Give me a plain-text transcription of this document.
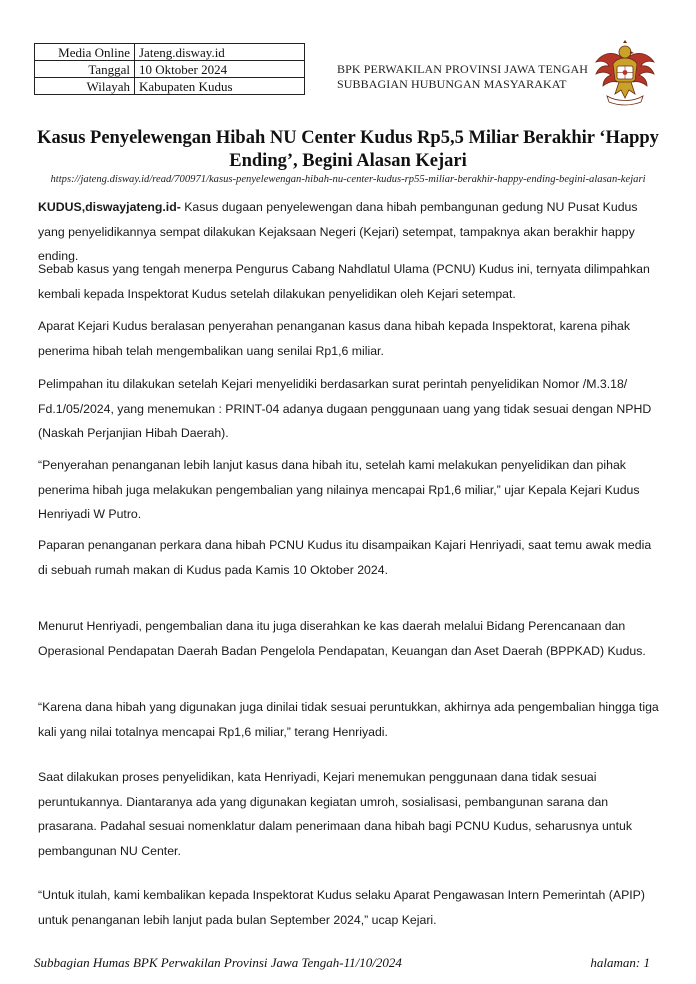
Media Online	Jateng.disway.id
Tanggal	10 Oktober 2024
Wilayah	Kabupaten Kudus
BPK PERWAKILAN PROVINSI JAWA TENGAH
SUBBAGIAN HUBUNGAN MASYARAKAT
Kasus Penyelewengan Hibah NU Center Kudus Rp5,5 Miliar Berakhir ‘Happy Ending’, Begini Alasan Kejari
https://jateng.disway.id/read/700971/kasus-penyelewengan-hibah-nu-center-kudus-rp55-miliar-berakhir-happy-ending-begini-alasan-kejari
KUDUS,diswayjateng.id- Kasus dugaan penyelewengan dana hibah pembangunan gedung NU Pusat Kudus yang penyelidikannya sempat dilakukan Kejaksaan Negeri (Kejari) setempat, tampaknya akan berakhir happy ending.
Sebab kasus yang tengah menerpa Pengurus Cabang Nahdlatul Ulama (PCNU) Kudus ini, ternyata dilimpahkan kembali kepada Inspektorat Kudus setelah dilakukan penyelidikan oleh Kejari setempat.
Aparat Kejari Kudus beralasan penyerahan penanganan kasus dana hibah kepada Inspektorat, karena pihak penerima hibah telah mengembalikan uang senilai Rp1,6 miliar.
Pelimpahan itu dilakukan setelah Kejari menyelidiki berdasarkan surat perintah penyelidikan Nomor /M.3.18/ Fd.1/05/2024, yang menemukan : PRINT-04 adanya dugaan penggunaan uang yang tidak sesuai dengan NPHD (Naskah Perjanjian Hibah Daerah).
“Penyerahan penanganan lebih lanjut kasus dana hibah itu, setelah kami melakukan penyelidikan dan pihak penerima hibah juga melakukan pengembalian yang nilainya mencapai Rp1,6 miliar,” ujar Kepala Kejari Kudus Henriyadi W Putro.
Paparan penanganan perkara dana hibah PCNU Kudus itu disampaikan Kajari Henriyadi, saat temu awak media di sebuah rumah makan di Kudus pada Kamis 10 Oktober 2024.
Menurut Henriyadi, pengembalian dana itu juga diserahkan ke kas daerah melalui Bidang Perencanaan dan Operasional Pendapatan Daerah Badan Pengelola Pendapatan, Keuangan dan Aset Daerah (BPPKAD) Kudus.
“Karena dana hibah yang digunakan juga dinilai tidak sesuai peruntukkan, akhirnya ada pengembalian hingga tiga kali yang nilai totalnya mencapai Rp1,6 miliar,” terang Henriyadi.
Saat dilakukan proses penyelidikan, kata Henriyadi, Kejari menemukan penggunaan dana tidak sesuai peruntukannya. Diantaranya ada yang digunakan kegiatan umroh, sosialisasi, pembangunan sarana dan prasarana. Padahal sesuai nomenklatur dalam penerimaan dana hibah bagi PCNU Kudus, seharusnya untuk pembangunan NU Center.
“Untuk itulah, kami kembalikan kepada Inspektorat Kudus selaku Aparat Pengawasan Intern Pemerintah (APIP) untuk penanganan lebih lanjut pada bulan September 2024,” ucap Kejari.
Subbagian Humas BPK Perwakilan Provinsi Jawa Tengah-11/10/2024	halaman: 1
